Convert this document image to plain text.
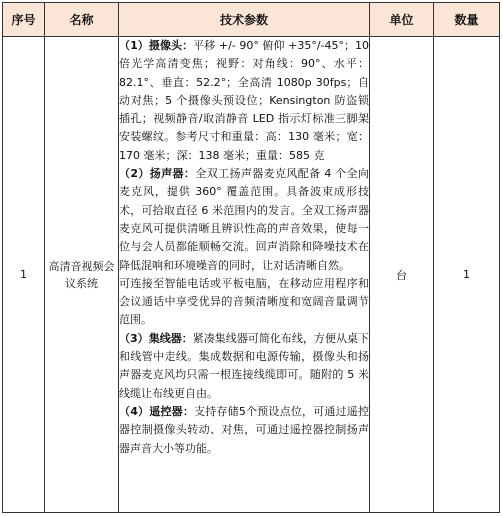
序号	名称	技术参数	单位	数量
1	高清音视频会议系统	（1）摄像头：平移 +/- 90° 俯仰 +35°/-45°；10倍光学高清变焦；视野：对角线：90°、水平：82.1°、垂直：52.2°；全高清 1080p 30fps；自动对焦；5 个摄像头预设位；Kensington 防盗锁插孔；视频静音/取消静音 LED 指示灯标准三脚架安装螺纹。参考尺寸和重量：高：130 毫米；宽：170 毫米；深：138 毫米；重量：585 克

（2）扬声器：全双工扬声器麦克风配备 4 个全向麦克风，提供 360° 覆盖范围。具备波束成形技术，可拾取直径 6 米范围内的发言。全双工扬声器麦克风可提供清晰且辨识性高的声音效果，使每一位与会人员都能顺畅交流。回声消除和降噪技术在降低混响和环境噪音的同时，让对话清晰自然。

可连接至智能电话或平板电脑，在移动应用程序和会议通话中享受优异的音频清晰度和宽阔音量调节范围。

（3）集线器：紧凑集线器可简化布线，方便从桌下和线管中走线。集成数据和电源传输，摄像头和扬声器麦克风均只需一根连接线缆即可。随附的 5 米线缆让布线更自由。

（4）遥控器：支持存储5个预设点位，可通过遥控器控制摄像头转动、对焦，可通过遥控器控制扬声器声音大小等功能。	台	1
